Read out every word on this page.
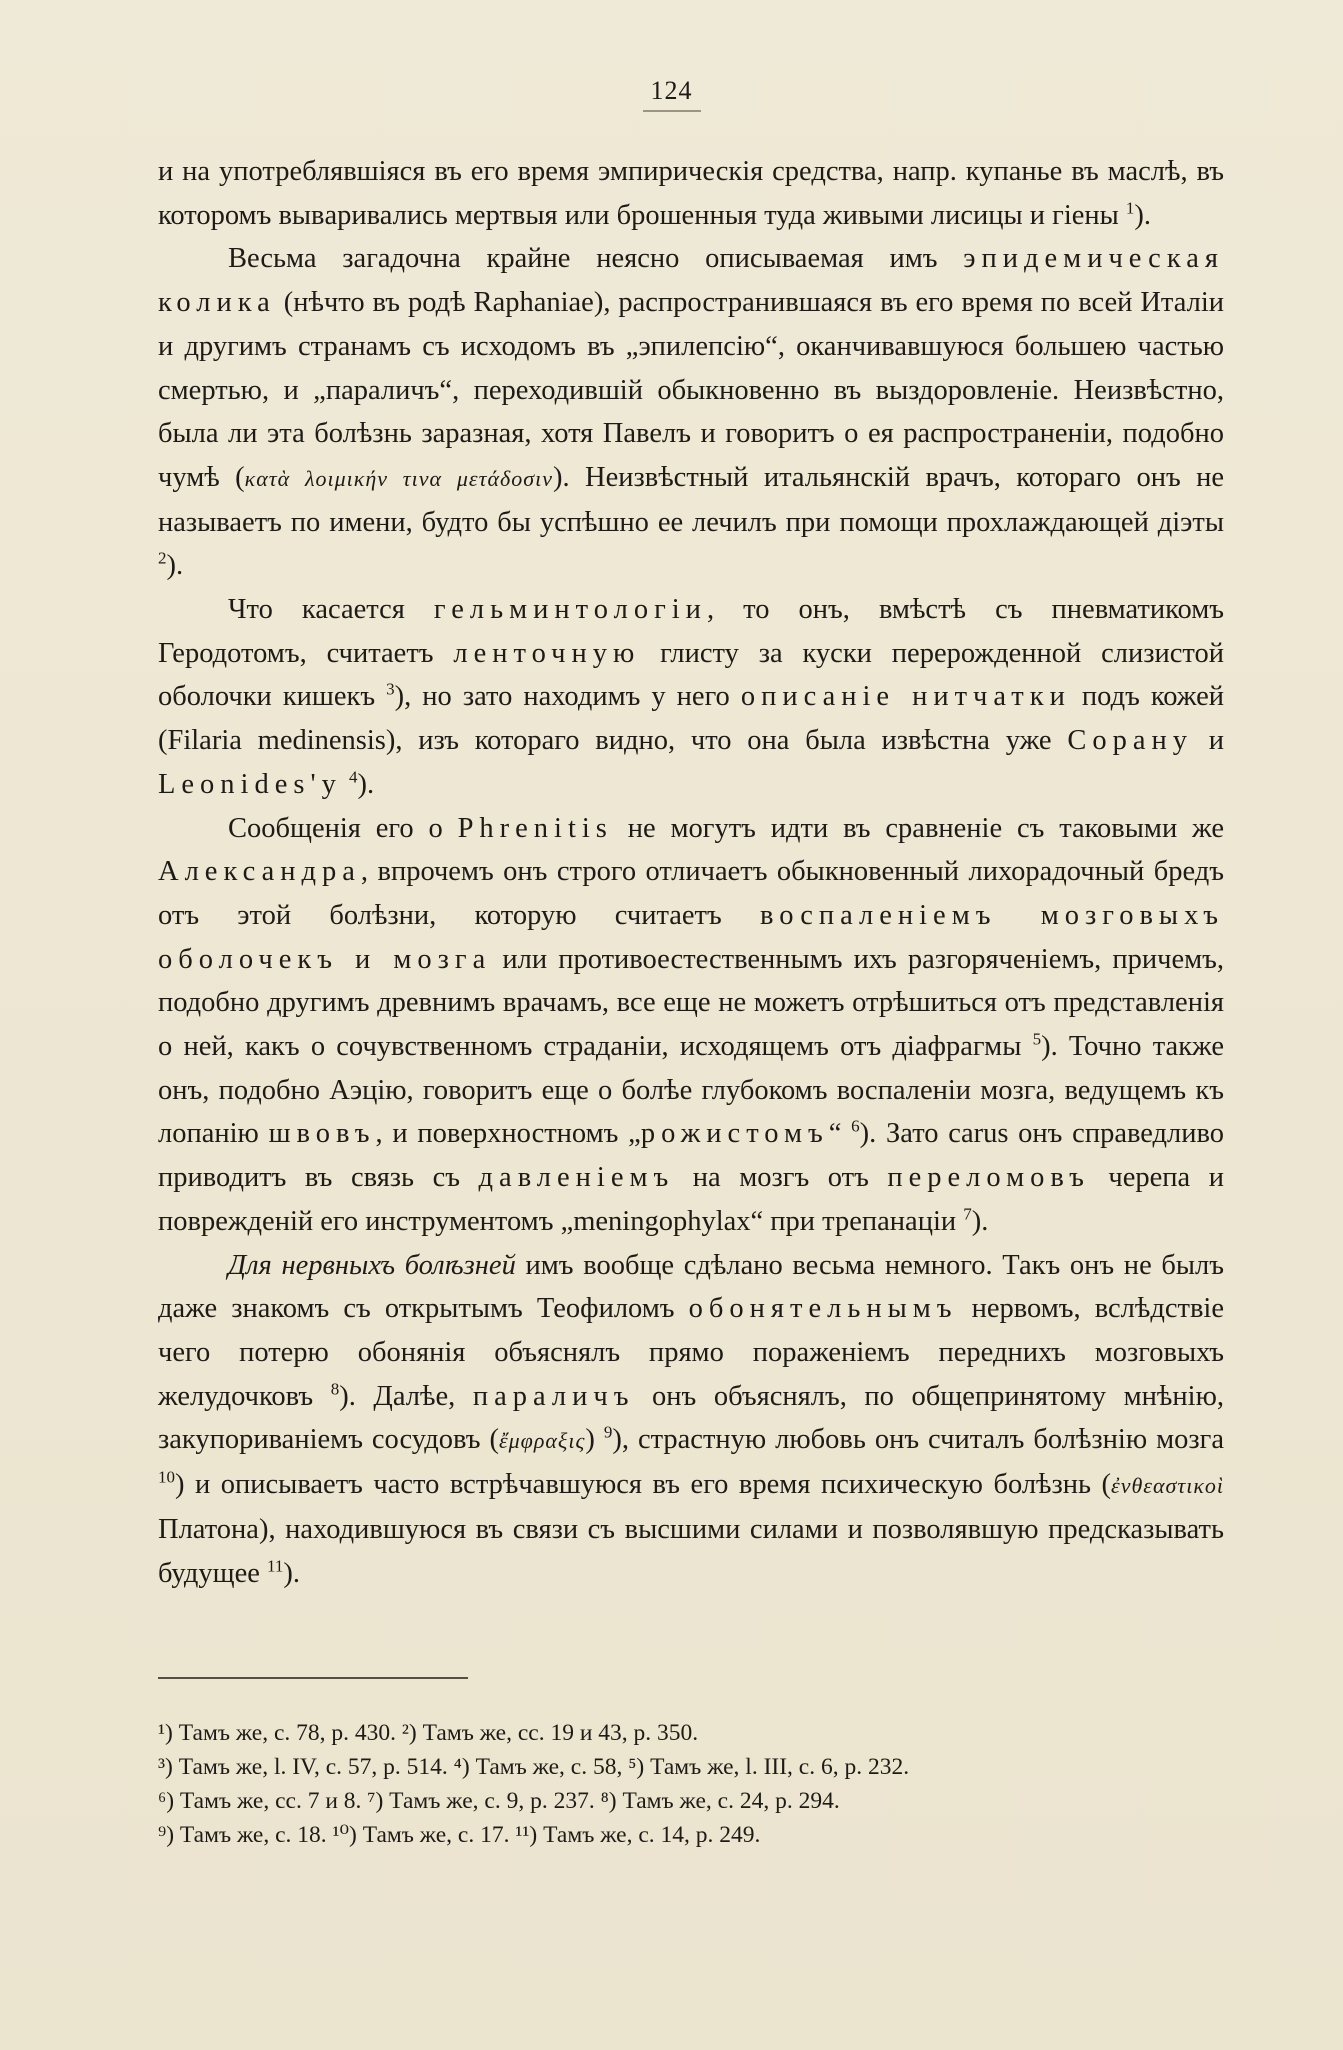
124

и на употреблявшiяся въ его время эмпирическiя средства, напр. купанье въ маслѣ, въ которомъ вывaривались мертвыя или брошенныя туда живыми лисицы и гiены $^1$).

Весьма загадочна крайне неясно описываемая имъ эпидемическая колика (нѣчто въ родѣ Raphaniae), распространившаяся въ его время по всей Италiи и другимъ странамъ съ исходомъ въ „эпилепсiю“, оканчивавшуюся большею частью смертью, и „параличъ“, переходившiй обыкновенно въ выздоровленiе. Неизвѣстно, была ли эта болѣзнь заразная, хотя Павелъ и говоритъ о ея распространенiи, подобно чумѣ (κατὰ λοιμικήν τινα μετάδοσιν). Неизвѣстный итальянскiй врачъ, котораго онъ не называетъ по имени, будто бы успѣшно ее лечилъ при помощи прохлаждающей дiэты $^2$).

Что касается гельминтологiи, то онъ, вмѣстѣ съ пневматикомъ Геродотомъ, считаетъ ленточную глисту за куски перерожденной слизистой оболочки кишекъ $^3$), но зато находимъ у него описанiе нитчатки подъ кожей (Filaria medinensis), изъ котораго видно, что она была извѣстна уже Сорану и Leonides'у $^4$).

Сообщенiя его о Phrenitis не могутъ идти въ сравненiе съ таковыми же Александра, впрочемъ онъ строго отличаетъ обыкновенный лихорадочный бредъ отъ этой болѣзни, которую считаетъ воспаленiемъ мозговыхъ оболочекъ и мозга или противоестественнымъ ихъ разгоряченiемъ, причемъ, подобно другимъ древнимъ врачамъ, все еще не можетъ отрѣшиться отъ представленiя о ней, какъ о сочувственномъ страданiи, исходящемъ отъ дiафрагмы $^5$). Точно также онъ, подобно Аэцiю, говоритъ еще о болѣе глубокомъ воспаленiи мозга, ведущемъ къ лопанiю швовъ, и поверхностномъ „рожистомъ“ $^6$). Зато carus онъ справедливо приводитъ въ связь съ давленiемъ на мозгъ отъ переломовъ черепа и поврежденiй его инструментомъ „meningophylax“ при трепанацiи $^7$).

Для нервныхъ болѣзней имъ вообще сдѣлано весьма немного. Такъ онъ не былъ даже знакомъ съ открытымъ Теофиломъ обонятельнымъ нервомъ, вслѣдствiе чего потерю обонянiя объяснялъ прямо пораженiемъ переднихъ мозговыхъ желудочковъ $^8$). Далѣе, параличъ онъ объяснялъ, по общепринятому мнѣнiю, закупориванiемъ сосудовъ (ἔμφραξις) $^9$), страстную любовь онъ считалъ болѣзнiю мозга $^{10}$) и описываетъ часто встрѣчавшуюся въ его время психическую болѣзнь (ἐνθεαστικοὶ Платона), находившуюся въ связи съ высшими силами и позволявшую предсказывать будущее $^{11}$).

¹) Тамъ же, с. 78, р. 430. ²) Тамъ же, сс. 19 и 43, р. 350.
³) Тамъ же, l. IV, c. 57, р. 514. ⁴) Тамъ же, с. 58, ⁵) Тамъ же, l. III, c. 6, р. 232.
⁶) Тамъ же, сс. 7 и 8. ⁷) Тамъ же, с. 9, р. 237. ⁸) Тамъ же, с. 24, р. 294.
⁹) Тамъ же, с. 18. ¹⁰) Тамъ же, с. 17. ¹¹) Тамъ же, с. 14, р. 249.
